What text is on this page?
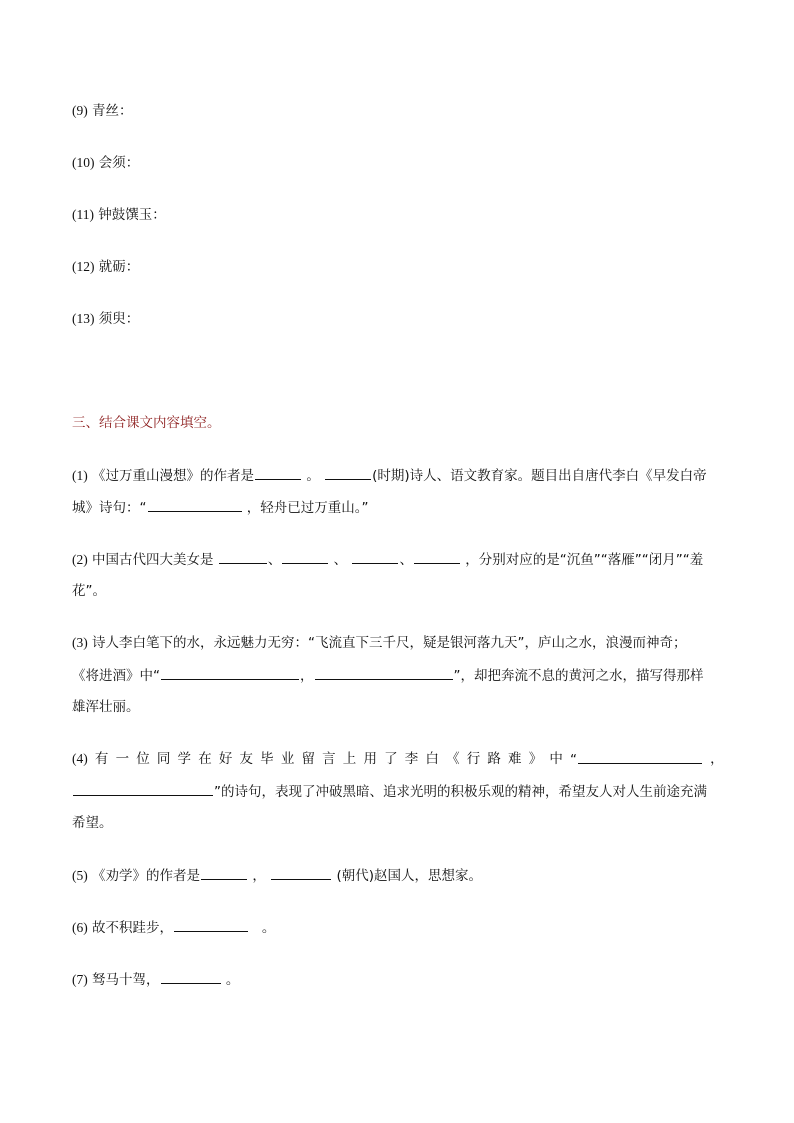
(9) 青丝：
(10) 会须：
(11) 钟鼓馔玉：
(12) 就砺：
(13) 须臾：
三、结合课文内容填空。
(1) 《过万重山漫想》的作者是	。	(时期)诗人、语文教育家。题目出自唐代李白《早发白帝
城》诗句：“	，轻舟已过万重山。”
(2) 中国古代四大美女是	、	、	、	，分别对应的是“沉鱼”“落雁”“闭月”“羞
花”。
(3) 诗人李白笔下的水，永远魅力无穷：“飞流直下三千尺，疑是银河落九天”，庐山之水，浪漫而神奇；
《将进酒》中“	，	”，却把奔流不息的黄河之水，描写得那样
雄浑壮丽。
(4) 有 一 位 同 学 在 好 友 毕 业 留 言 上 用 了 李 白 《 行 路 难 》 中 “	，
”的诗句，表现了冲破黑暗、追求光明的积极乐观的精神，希望友人对人生前途充满
希望。
(5) 《劝学》的作者是	，	(朝代)赵国人，思想家。
(6) 故不积跬步，	。
(7) 驽马十驾，	。
